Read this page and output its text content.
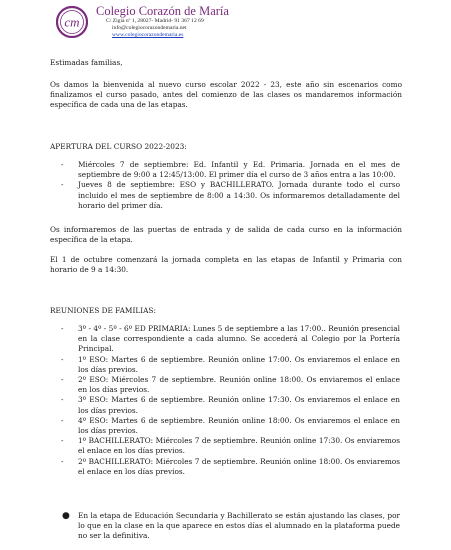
cm
Colegio Corazón de María
C/ Zigia nº 1, 28027- Madrid- 91 367 12 69
info@colegiocorazondemaria.net
www.colegiocorazondemaria.es
Estimadas familias,
Os damos la bienvenida al nuevo curso escolar 2022 - 23, este año sin escenarios como finalizamos el curso pasado, antes del comienzo de las clases os mandaremos información específica de cada una de las etapas.
APERTURA DEL CURSO 2022-2023:
- Miércoles 7 de septiembre: Ed. Infantil y Ed. Primaria. Jornada en el mes de septiembre de 9:00 a 12:45/13:00. El primer día el curso de 3 años entra a las 10:00.
- Jueves 8 de septiembre: ESO y BACHILLERATO. Jornada durante todo el curso incluido el mes de septiembre de 8:00 a 14:30. Os informaremos detalladamente del horario del primer día.
Os informaremos de las puertas de entrada y de salida de cada curso en la información específica de la etapa.
El 1 de octubre comenzará la jornada completa en las etapas de Infantil y Primaria con horario de 9 a 14:30.
REUNIONES DE FAMILIAS:
- 3º - 4º - 5º - 6º ED PRIMARIA: Lunes 5 de septiembre a las 17:00.. Reunión presencial en la clase correspondiente a cada alumno. Se accederá al Colegio por la Portería Principal.
- 1º ESO: Martes 6 de septiembre. Reunión online 17:00. Os enviaremos el enlace en los días previos.
- 2º ESO: Miércoles 7 de septiembre. Reunión online 18:00. Os enviaremos el enlace en los días previos.
- 3º ESO: Martes 6 de septiembre. Reunión online 17:30. Os enviaremos el enlace en los días previos.
- 4º ESO: Martes 6 de septiembre. Reunión online 18:00. Os enviaremos el enlace en los días previos.
- 1º BACHILLERATO: Miércoles 7 de septiembre. Reunión online 17:30. Os enviaremos el enlace en los días previos.
- 2º BACHILLERATO: Miércoles 7 de septiembre. Reunión online 18:00. Os enviaremos el enlace en los días previos.
● En la etapa de Educación Secundaria y Bachillerato se están ajustando las clases, por lo que en la clase en la que aparece en estos días el alumnado en la plataforma puede no ser la definitiva.
